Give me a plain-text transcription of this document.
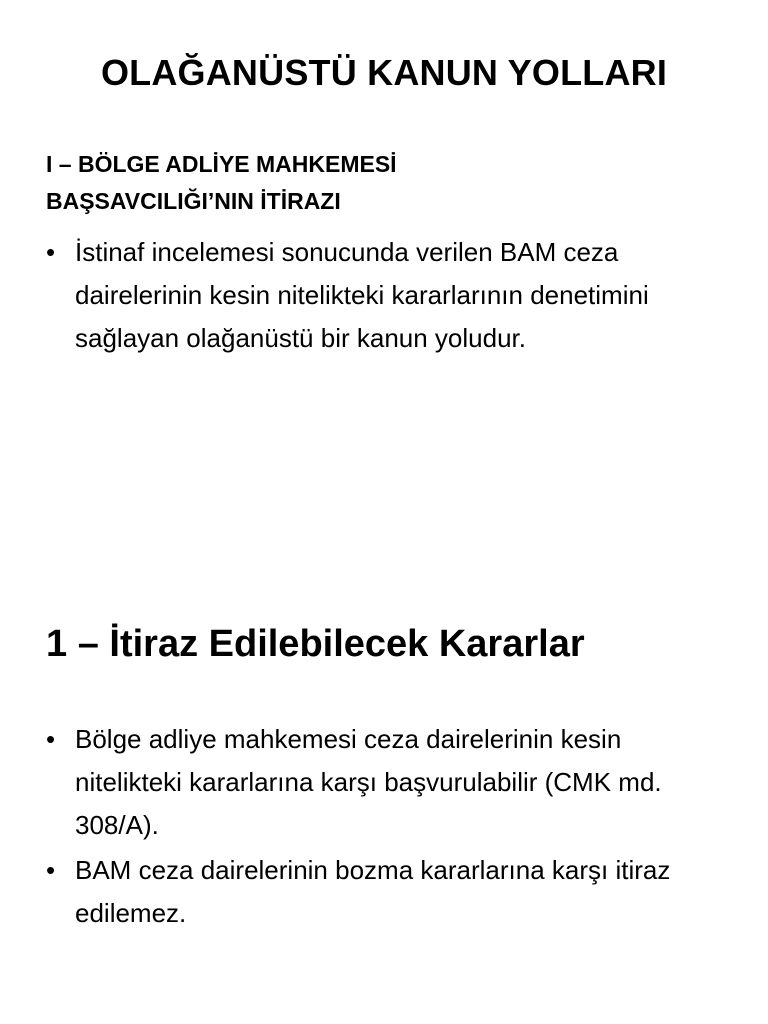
OLAĞANÜSTÜ KANUN YOLLARI
I – BÖLGE ADLİYE MAHKEMESİ
BAŞSAVCILIĞI’NIN İTİRAZI
• İstinaf incelemesi sonucunda verilen BAM ceza dairelerinin kesin nitelikteki kararlarının denetimini sağlayan olağanüstü bir kanun yoludur.
1 – İtiraz Edilebilecek Kararlar
• Bölge adliye mahkemesi ceza dairelerinin kesin nitelikteki kararlarına karşı başvurulabilir (CMK md. 308/A).
• BAM ceza dairelerinin bozma kararlarına karşı itiraz edilemez.
